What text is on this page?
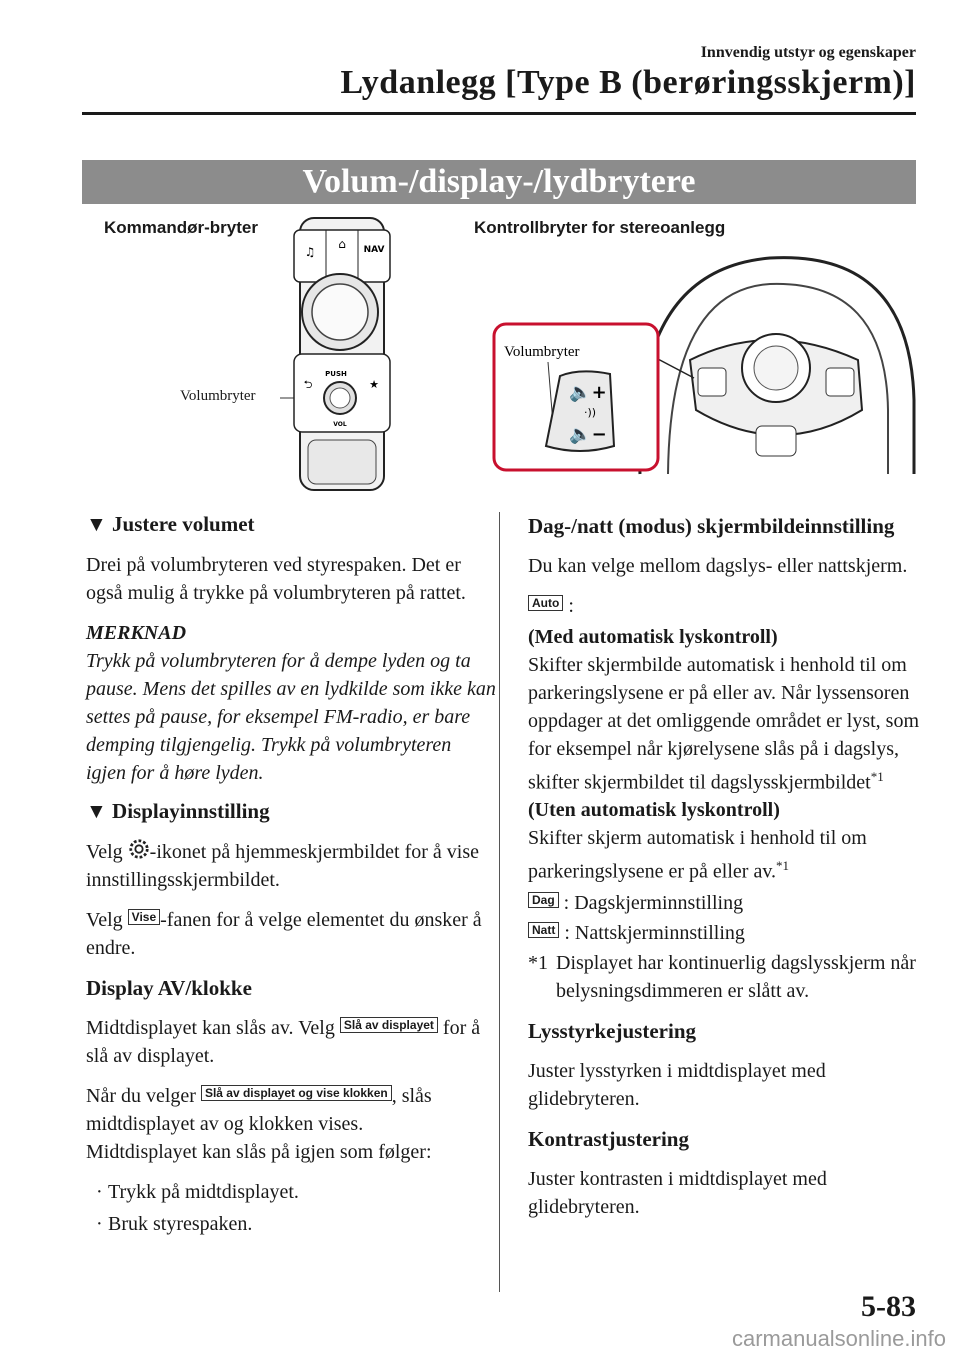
Innvendig utstyr og egenskaper
Lydanlegg [Type B (berøringsskjerm)]
Volum-/display-/lydbrytere
Kommandør-bryter
Volumbryter
♫
⌂ NAV
PUSH
⮌	★
VOL
Kontrollbryter for stereoanlegg
Volumbryter
🔈+
·))
🔈−
▼ Justere volumet

Drei på volumbryteren ved styrespaken. Det er også mulig å trykke på volumbryteren på rattet.

MERKNAD

Trykk på volumbryteren for å dempe lyden og ta pause. Mens det spilles av en lydkilde som ikke kan settes på pause, for eksempel FM-radio, er bare demping tilgjengelig. Trykk på volumbryteren igjen for å høre lyden.

▼ Displayinnstilling

Velg -ikonet på hjemmeskjermbildet for å vise innstillingsskjermbildet.

Velg Vise -fanen for å velge elementet du ønsker å endre.

Display AV/klokke

Midtdisplayet kan slås av. Velg Slå av displayet for å slå av displayet.

Når du velger Slå av displayet og vise klokken , slås midtdisplayet av og klokken vises.

Midtdisplayet kan slås på igjen som følger:

· Trykk på midtdisplayet.
· Bruk styrespaken.
Dag-/natt (modus) skjermbildeinnstilling

Du kan velge mellom dagslys- eller nattskjerm.

Auto :

(Med automatisk lyskontroll)

Skifter skjermbilde automatisk i henhold til om parkeringslysene er på eller av. Når lyssensoren oppdager at det omliggende området er lyst, som for eksempel når kjørelysene slås på i dagslys, skifter skjermbildet til dagslysskjermbildet$^{*1}$

(Uten automatisk lyskontroll)

Skifter skjerm automatisk i henhold til om parkeringslysene er på eller av.$^{*1}$

Dag : Dagskjerminnstilling

Natt : Nattskjerminnstilling

*1 Displayet har kontinuerlig dagslysskjerm når belysningsdimmeren er slått av.
Lysstyrkejustering

Juster lysstyrken i midtdisplayet med glidebryteren.

Kontrastjustering

Juster kontrasten i midtdisplayet med glidebryteren.

5-83
carmanualsonline.info
